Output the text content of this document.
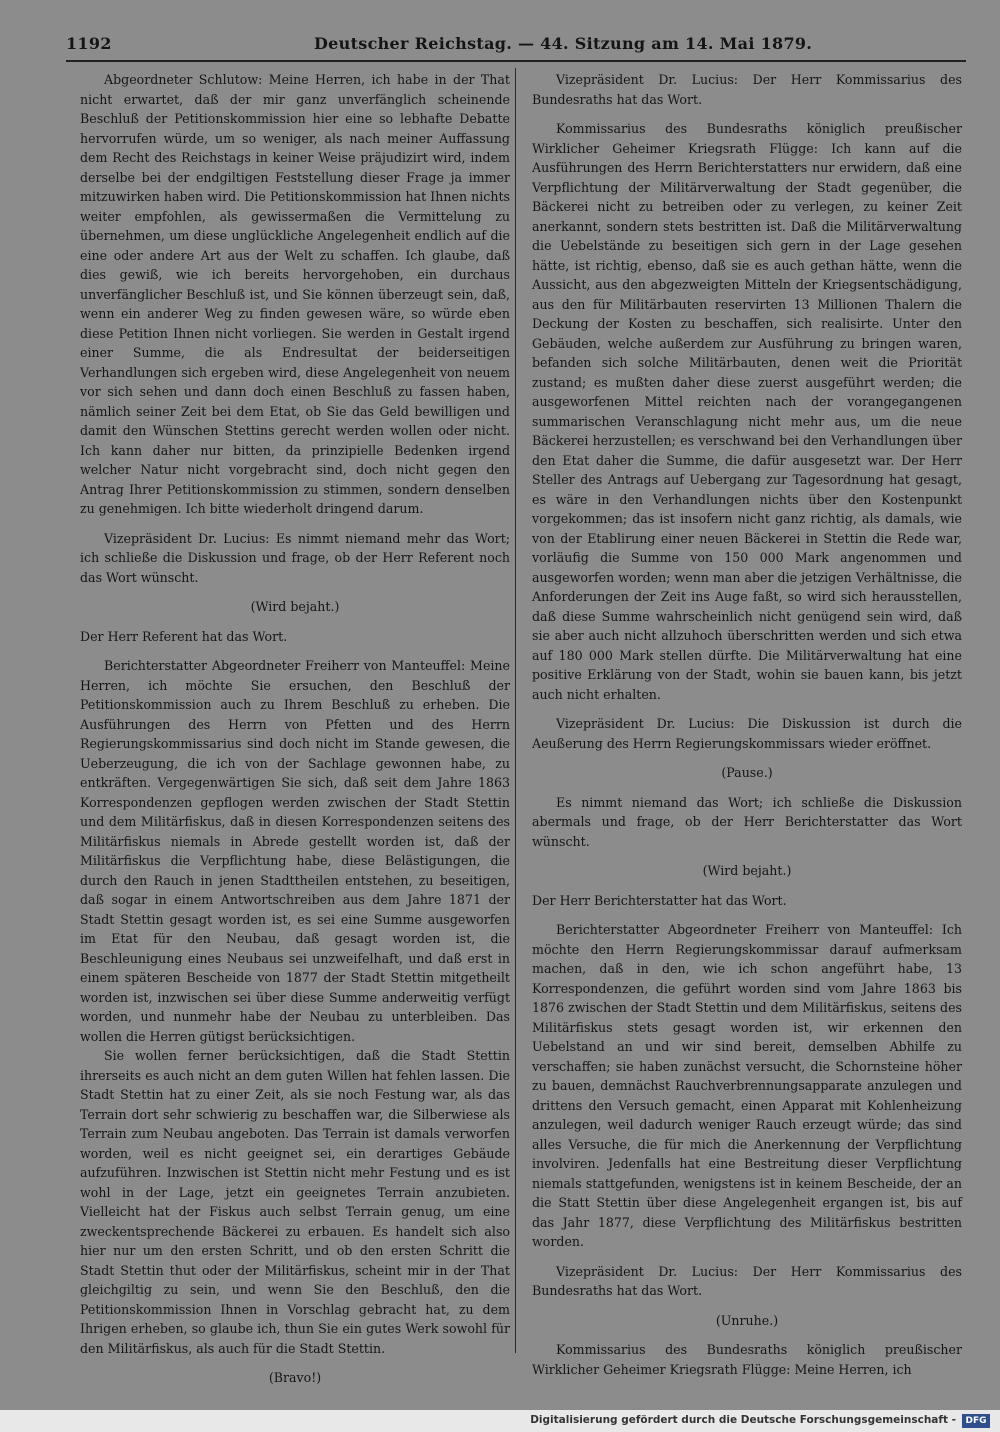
1192	Deutscher Reichstag. — 44. Sitzung am 14. Mai 1879.

Abgeordneter Schlutow: Meine Herren, ich habe in der That nicht erwartet, daß der mir ganz unverfänglich scheinende Beschluß der Petitionskommission hier eine so lebhafte Debatte hervorrufen würde, um so weniger, als nach meiner Auffassung dem Recht des Reichstags in keiner Weise präjudizirt wird, indem derselbe bei der endgiltigen Feststellung dieser Frage ja immer mitzuwirken haben wird. Die Petitionskommission hat Ihnen nichts weiter empfohlen, als gewissermaßen die Vermittelung zu übernehmen, um diese unglückliche Angelegenheit endlich auf die eine oder andere Art aus der Welt zu schaffen. Ich glaube, daß dies gewiß, wie ich bereits hervorgehoben, ein durchaus unverfänglicher Beschluß ist, und Sie können überzeugt sein, daß, wenn ein anderer Weg zu finden gewesen wäre, so würde eben diese Petition Ihnen nicht vorliegen. Sie werden in Gestalt irgend einer Summe, die als Endresultat der beiderseitigen Verhandlungen sich ergeben wird, diese Angelegenheit von neuem vor sich sehen und dann doch einen Beschluß zu fassen haben, nämlich seiner Zeit bei dem Etat, ob Sie das Geld bewilligen und damit den Wünschen Stettins gerecht werden wollen oder nicht. Ich kann daher nur bitten, da prinzipielle Bedenken irgend welcher Natur nicht vorgebracht sind, doch nicht gegen den Antrag Ihrer Petitionskommission zu stimmen, sondern denselben zu genehmigen. Ich bitte wiederholt dringend darum.

Vizepräsident Dr. Lucius: Es nimmt niemand mehr das Wort; ich schließe die Diskussion und frage, ob der Herr Referent noch das Wort wünscht.

(Wird bejaht.)

Der Herr Referent hat das Wort.

Berichterstatter Abgeordneter Freiherr von Manteuffel: Meine Herren, ich möchte Sie ersuchen, den Beschluß der Petitionskommission auch zu Ihrem Beschluß zu erheben. Die Ausführungen des Herrn von Pfetten und des Herrn Regierungskommissarius sind doch nicht im Stande gewesen, die Ueberzeugung, die ich von der Sachlage gewonnen habe, zu entkräften. Vergegenwärtigen Sie sich, daß seit dem Jahre 1863 Korrespondenzen gepflogen werden zwischen der Stadt Stettin und dem Militärfiskus, daß in diesen Korrespondenzen seitens des Militärfiskus niemals in Abrede gestellt worden ist, daß der Militärfiskus die Verpflichtung habe, diese Belästigungen, die durch den Rauch in jenen Stadttheilen entstehen, zu beseitigen, daß sogar in einem Antwortschreiben aus dem Jahre 1871 der Stadt Stettin gesagt worden ist, es sei eine Summe ausgeworfen im Etat für den Neubau, daß gesagt worden ist, die Beschleunigung eines Neubaus sei unzweifelhaft, und daß erst in einem späteren Bescheide von 1877 der Stadt Stettin mitgetheilt worden ist, inzwischen sei über diese Summe anderweitig verfügt worden, und nunmehr habe der Neubau zu unterbleiben. Das wollen die Herren gütigst berücksichtigen.

Sie wollen ferner berücksichtigen, daß die Stadt Stettin ihrerseits es auch nicht an dem guten Willen hat fehlen lassen. Die Stadt Stettin hat zu einer Zeit, als sie noch Festung war, als das Terrain dort sehr schwierig zu beschaffen war, die Silberwiese als Terrain zum Neubau angeboten. Das Terrain ist damals verworfen worden, weil es nicht geeignet sei, ein derartiges Gebäude aufzuführen. Inzwischen ist Stettin nicht mehr Festung und es ist wohl in der Lage, jetzt ein geeignetes Terrain anzubieten. Vielleicht hat der Fiskus auch selbst Terrain genug, um eine zweckentsprechende Bäckerei zu erbauen. Es handelt sich also hier nur um den ersten Schritt, und ob den ersten Schritt die Stadt Stettin thut oder der Militärfiskus, scheint mir in der That gleichgiltig zu sein, und wenn Sie den Beschluß, den die Petitionskommission Ihnen in Vorschlag gebracht hat, zu dem Ihrigen erheben, so glaube ich, thun Sie ein gutes Werk sowohl für den Militärfiskus, als auch für die Stadt Stettin.

(Bravo!)

Vizepräsident Dr. Lucius: Der Herr Kommissarius des Bundesraths hat das Wort.

Kommissarius des Bundesraths königlich preußischer Wirklicher Geheimer Kriegsrath Flügge: Ich kann auf die Ausführungen des Herrn Berichterstatters nur erwidern, daß eine Verpflichtung der Militärverwaltung der Stadt gegenüber, die Bäckerei nicht zu betreiben oder zu verlegen, zu keiner Zeit anerkannt, sondern stets bestritten ist. Daß die Militärverwaltung die Uebelstände zu beseitigen sich gern in der Lage gesehen hätte, ist richtig, ebenso, daß sie es auch gethan hätte, wenn die Aussicht, aus den abgezweigten Mitteln der Kriegsentschädigung, aus den für Militärbauten reservirten 13 Millionen Thalern die Deckung der Kosten zu beschaffen, sich realisirte. Unter den Gebäuden, welche außerdem zur Ausführung zu bringen waren, befanden sich solche Militärbauten, denen weit die Priorität zustand; es mußten daher diese zuerst ausgeführt werden; die ausgeworfenen Mittel reichten nach der vorangegangenen summarischen Veranschlagung nicht mehr aus, um die neue Bäckerei herzustellen; es verschwand bei den Verhandlungen über den Etat daher die Summe, die dafür ausgesetzt war. Der Herr Steller des Antrags auf Uebergang zur Tagesordnung hat gesagt, es wäre in den Verhandlungen nichts über den Kostenpunkt vorgekommen; das ist insofern nicht ganz richtig, als damals, wie von der Etablirung einer neuen Bäckerei in Stettin die Rede war, vorläufig die Summe von 150 000 Mark angenommen und ausgeworfen worden; wenn man aber die jetzigen Verhältnisse, die Anforderungen der Zeit ins Auge faßt, so wird sich herausstellen, daß diese Summe wahrscheinlich nicht genügend sein wird, daß sie aber auch nicht allzuhoch überschritten werden und sich etwa auf 180 000 Mark stellen dürfte. Die Militärverwaltung hat eine positive Erklärung von der Stadt, wohin sie bauen kann, bis jetzt auch nicht erhalten.

Vizepräsident Dr. Lucius: Die Diskussion ist durch die Aeußerung des Herrn Regierungskommissars wieder eröffnet.

(Pause.)

Es nimmt niemand das Wort; ich schließe die Diskussion abermals und frage, ob der Herr Berichterstatter das Wort wünscht.

(Wird bejaht.)

Der Herr Berichterstatter hat das Wort.

Berichterstatter Abgeordneter Freiherr von Manteuffel: Ich möchte den Herrn Regierungskommissar darauf aufmerksam machen, daß in den, wie ich schon angeführt habe, 13 Korrespondenzen, die geführt worden sind vom Jahre 1863 bis 1876 zwischen der Stadt Stettin und dem Militärfiskus, seitens des Militärfiskus stets gesagt worden ist, wir erkennen den Uebelstand an und wir sind bereit, demselben Abhilfe zu verschaffen; sie haben zunächst versucht, die Schornsteine höher zu bauen, demnächst Rauchverbrennungsapparate anzulegen und drittens den Versuch gemacht, einen Apparat mit Kohlenheizung anzulegen, weil dadurch weniger Rauch erzeugt würde; das sind alles Versuche, die für mich die Anerkennung der Verpflichtung involviren. Jedenfalls hat eine Bestreitung dieser Verpflichtung niemals stattgefunden, wenigstens ist in keinem Bescheide, der an die Statt Stettin über diese Angelegenheit ergangen ist, bis auf das Jahr 1877, diese Verpflichtung des Militärfiskus bestritten worden.

Vizepräsident Dr. Lucius: Der Herr Kommissarius des Bundesraths hat das Wort.

(Unruhe.)

Kommissarius des Bundesraths königlich preußischer Wirklicher Geheimer Kriegsrath Flügge: Meine Herren, ich

Digitalisierung gefördert durch die Deutsche Forschungsgemeinschaft -	DFG
